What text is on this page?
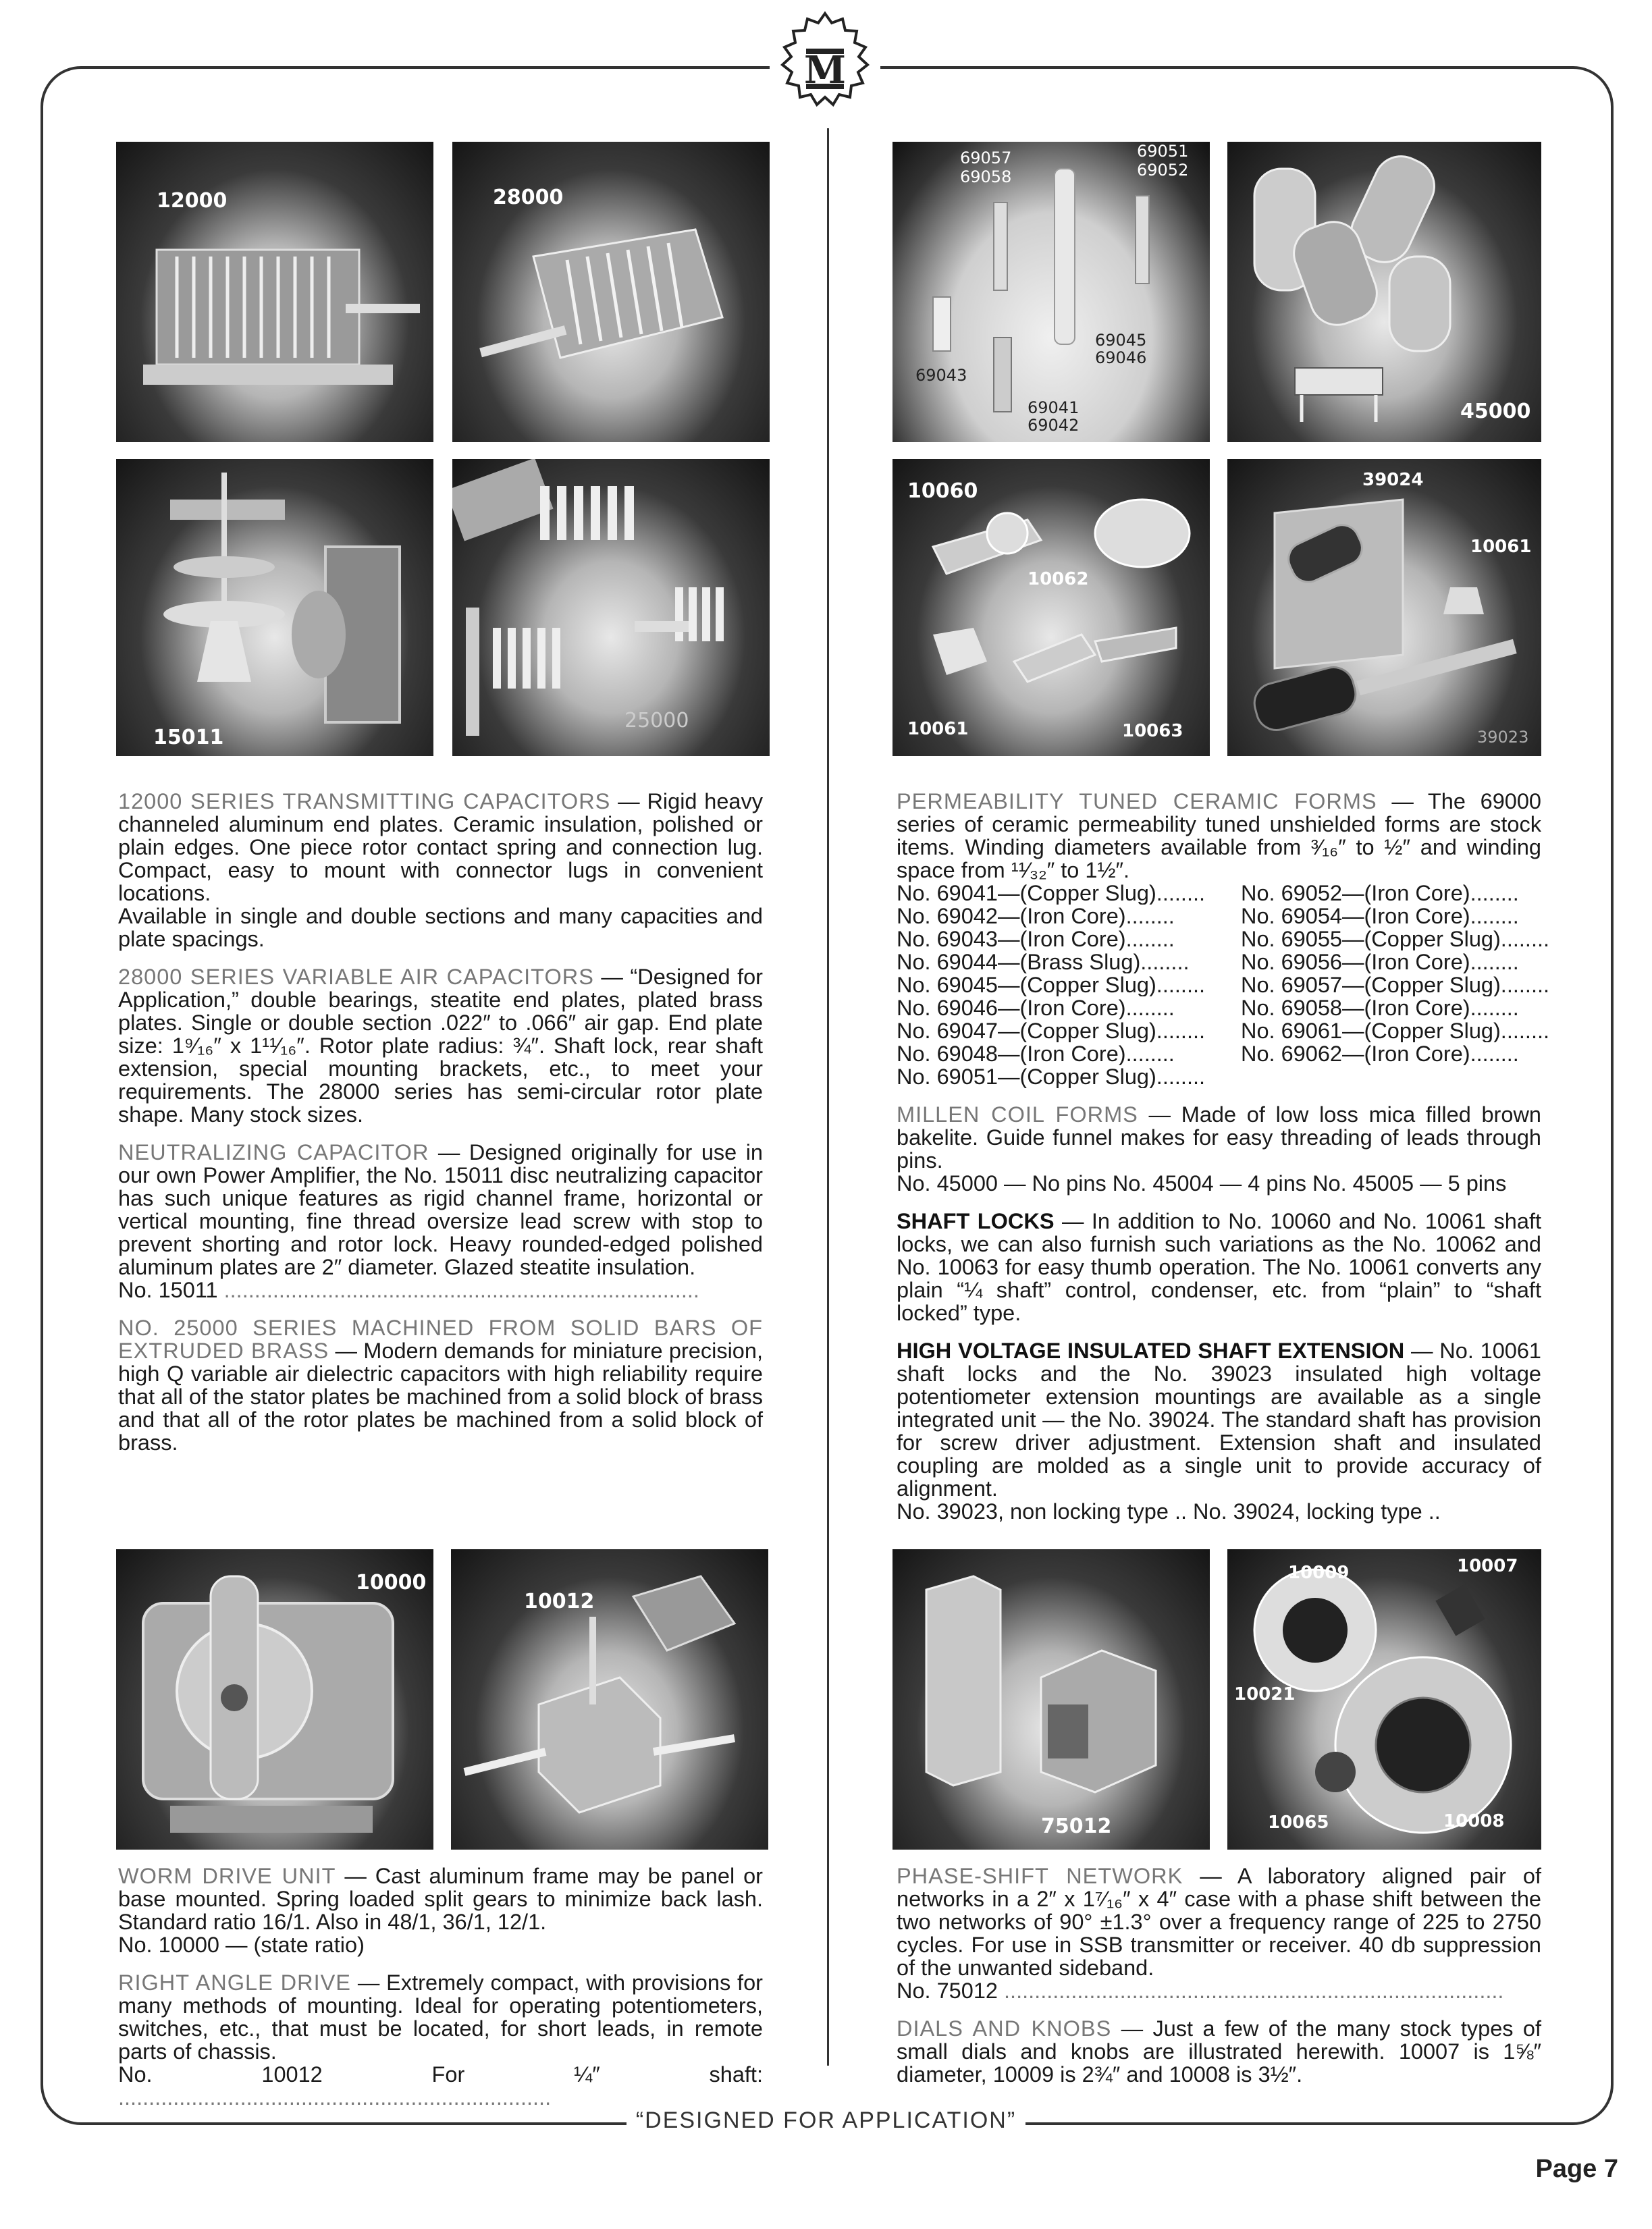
M
12000	28000
15011
25000

12000 SERIES TRANSMITTING CAPACITORS — Rigid heavy channeled aluminum end plates. Ceramic insulation, polished or plain edges. One piece rotor contact spring and connection lug. Compact, easy to mount with connector lugs in convenient locations.
Available in single and double sections and many capacities and plate spacings.

28000 SERIES VARIABLE AIR CAPACITORS — “Designed for Application,” double bearings, steatite end plates, plated brass plates. Single or double section .022″ to .066″ air gap. End plate size: 1⁹⁄₁₆″ x 1¹¹⁄₁₆″. Rotor plate radius: ¾″. Shaft lock, rear shaft extension, special mounting brackets, etc., to meet your requirements. The 28000 series has semi-circular rotor plate shape. Many stock sizes.

NEUTRALIZING CAPACITOR — Designed originally for use in our own Power Amplifier, the No. 15011 disc neutralizing capacitor has such unique features as rigid channel frame, horizontal or vertical mounting, fine thread oversize lead screw with stop to prevent shorting and rotor lock. Heavy rounded-edged polished aluminum plates are 2″ diameter. Glazed steatite insulation.
No. 15011 ..............................................................................

NO. 25000 SERIES MACHINED FROM SOLID BARS OF EXTRUDED BRASS — Modern demands for miniature precision, high Q variable air dielectric capacitors with high reliability require that all of the stator plates be machined from a solid block of brass and that all of the rotor plates be machined from a solid block of brass.

10000
10012

WORM DRIVE UNIT — Cast aluminum frame may be panel or base mounted. Spring loaded split gears to minimize back lash. Standard ratio 16/1. Also in 48/1, 36/1, 12/1.
No. 10000 — (state ratio)

RIGHT ANGLE DRIVE — Extremely compact, with provisions for many methods of mounting. Ideal for operating potentiometers, switches, etc., that must be located, for short leads, in remote parts of chassis.
No. 10012 For ¼″ shaft: .......................................................................

69057
69058
69051
69052
69045
69046
69043
69041
69042
45000
10060
10062
10061	10063
39024
10061
39023

PERMEABILITY TUNED CERAMIC FORMS — The 69000 series of ceramic permeability tuned unshielded forms are stock items. Winding diameters available from ³⁄₁₆″ to ½″ and winding space from ¹¹⁄₃₂″ to 1½″.

No. 69041—(Copper Slug)........	No. 69052—(Iron Core)........
No. 69042—(Iron Core)........	No. 69054—(Iron Core)........
No. 69043—(Iron Core)........	No. 69055—(Copper Slug)........
No. 69044—(Brass Slug)........	No. 69056—(Iron Core)........
No. 69045—(Copper Slug)........	No. 69057—(Copper Slug)........
No. 69046—(Iron Core)........	No. 69058—(Iron Core)........
No. 69047—(Copper Slug)........	No. 69061—(Copper Slug)........
No. 69048—(Iron Core)........	No. 69062—(Iron Core)........
No. 69051—(Copper Slug)........

MILLEN COIL FORMS — Made of low loss mica filled brown bakelite. Guide funnel makes for easy threading of leads through pins.
No. 45000 — No pins No. 45004 — 4 pins No. 45005 — 5 pins

SHAFT LOCKS — In addition to No. 10060 and No. 10061 shaft locks, we can also furnish such variations as the No. 10062 and No. 10063 for easy thumb operation. The No. 10061 converts any plain “¼ shaft” control, condenser, etc. from “plain” to “shaft locked” type.

HIGH VOLTAGE INSULATED SHAFT EXTENSION — No. 10061 shaft locks and the No. 39023 insulated high voltage potentiometer extension mountings are available as a single integrated unit — the No. 39024. The standard shaft has provision for screw driver adjustment. Extension shaft and insulated coupling are molded as a single unit to provide accuracy of alignment.
No. 39023, non locking type .. No. 39024, locking type ..

75012
10009	10007
10021
10065	10008

PHASE-SHIFT NETWORK — A laboratory aligned pair of networks in a 2″ x 1⁷⁄₁₆″ x 4″ case with a phase shift between the two networks of 90° ±1.3° over a frequency range of 225 to 2750 cycles. For use in SSB transmitter or receiver. 40 db suppression of the unwanted sideband.
No. 75012 ..................................................................................

DIALS AND KNOBS — Just a few of the many stock types of small dials and knobs are illustrated herewith. 10007 is 1⅝″ diameter, 10009 is 2¾″ and 10008 is 3½″.

“DESIGNED FOR APPLICATION”
Page 7
